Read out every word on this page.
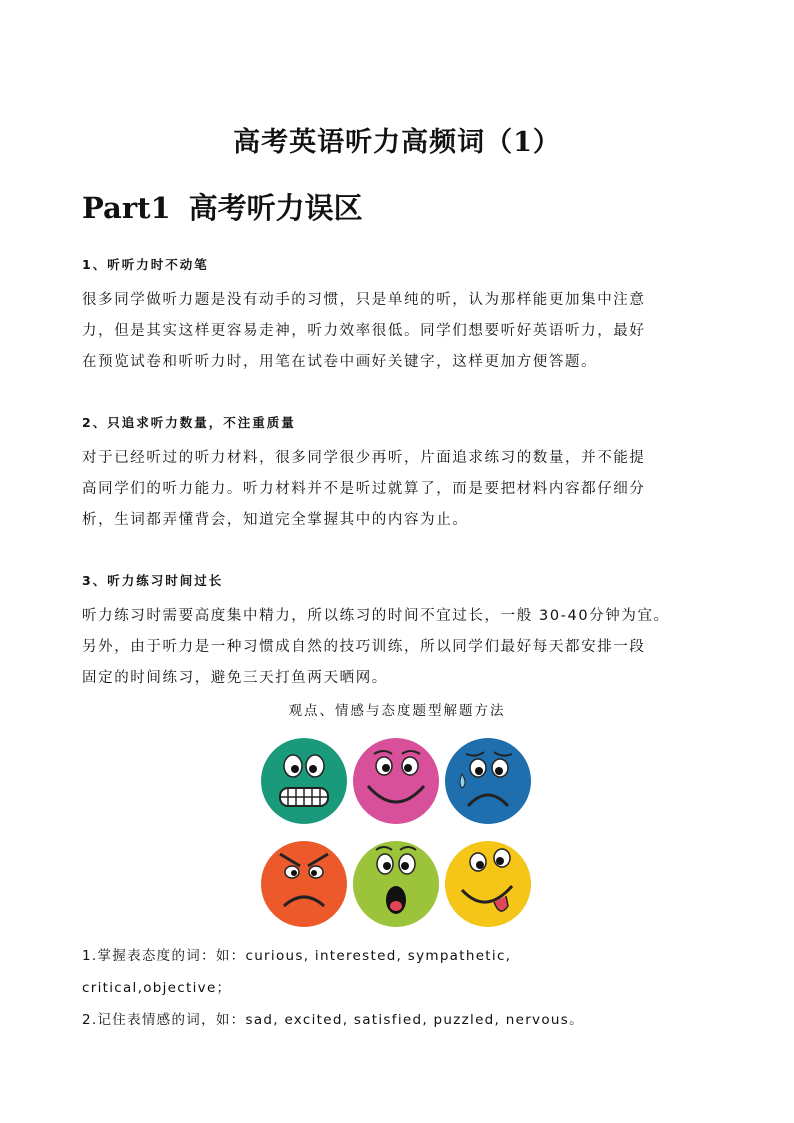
高考英语听力高频词（1）
Part1 高考听力误区
1、听听力时不动笔
很多同学做听力题是没有动手的习惯，只是单纯的听，认为那样能更加集中注意
力，但是其实这样更容易走神，听力效率很低。同学们想要听好英语听力，最好
在预览试卷和听听力时，用笔在试卷中画好关键字，这样更加方便答题。
2、只追求听力数量，不注重质量
对于已经听过的听力材料，很多同学很少再听，片面追求练习的数量，并不能提
高同学们的听力能力。听力材料并不是听过就算了，而是要把材料内容都仔细分
析，生词都弄懂背会，知道完全掌握其中的内容为止。
3、听力练习时间过长
听力练习时需要高度集中精力，所以练习的时间不宜过长，一般 30-40分钟为宜。
另外，由于听力是一种习惯成自然的技巧训练，所以同学们最好每天都安排一段
固定的时间练习，避免三天打鱼两天晒网。
观点、情感与态度题型解题方法
1.掌握表态度的词：如：curious, interested, sympathetic,
critical,objective；
2.记住表情感的词，如：sad, excited, satisfied, puzzled, nervous。
